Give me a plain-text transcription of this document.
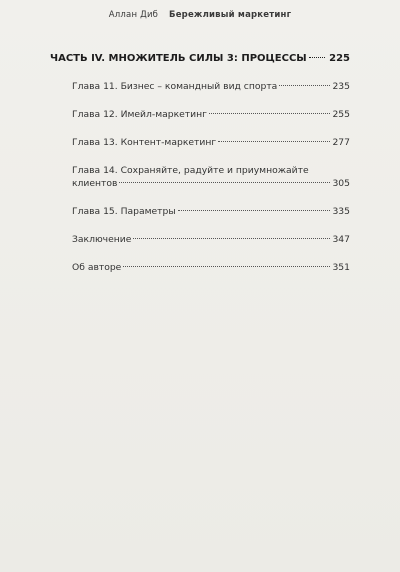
Аллан Диб Бережливый маркетинг
ЧАСТЬ IV. МНОЖИТЕЛЬ СИЛЫ 3: ПРОЦЕССЫ 225
Глава 11. Бизнес – командный вид спорта	235
Глава 12. Имейл-маркетинг	255
Глава 13. Контент-маркетинг	277
Глава 14. Сохраняйте, радуйте и приумножайте
клиентов	305
Глава 15. Параметры	335
Заключение	347
Об авторе	351
